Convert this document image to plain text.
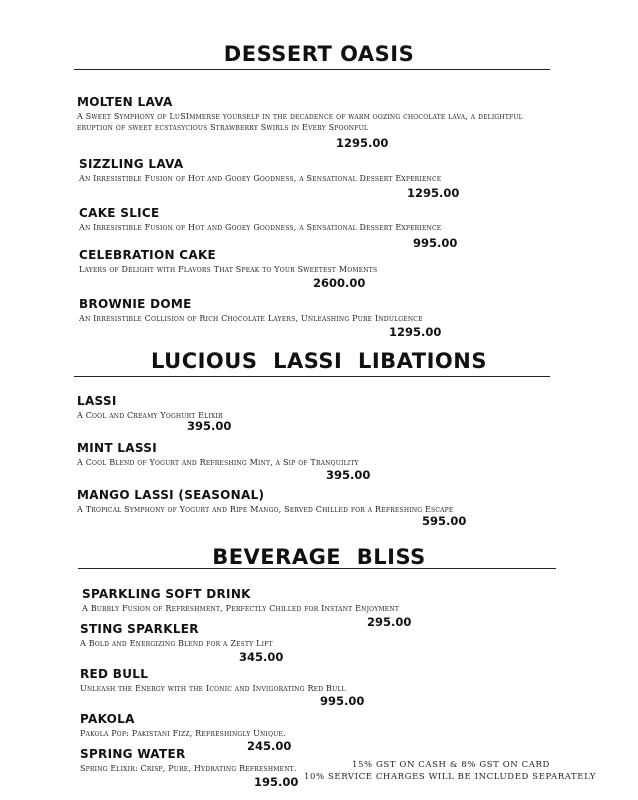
DESSERT OASIS
MOLTEN LAVA
A Sweet Symphony of LuSImmerse yourself in the decadence of warm oozing chocolate lava, a delightful eruption of sweet ecstasycious Strawberry Swirls in Every Spoonful
1295.00
SIZZLING LAVA
An Irresistible Fusion of Hot and Gooey Goodness, a Sensational Dessert Experience
1295.00
CAKE SLICE
An Irresistible Fusion of Hot and Gooey Goodness, a Sensational Dessert Experience
995.00
CELEBRATION CAKE
Layers of Delight with Flavors That Speak to Your Sweetest Moments
2600.00
BROWNIE DOME
An Irresistible Collision of Rich Chocolate Layers, Unleashing Pure Indulgence
1295.00
LUCIOUS  LASSI  LIBATIONS
LASSI
A Cool and Creamy Yoghurt Elixir
395.00
MINT LASSI
A Cool Blend of Yogurt and Refreshing Mint, a Sip of Tranquility
395.00
MANGO LASSI (SEASONAL)
A Tropical Symphony of Yogurt and Ripe Mango, Served Chilled for a Refreshing Escape
595.00
BEVERAGE  BLISS
SPARKLING SOFT DRINK
A Bubbly Fusion of Refreshment, Perfectly Chilled for Instant Enjoyment
295.00
STING SPARKLER
A Bold and Energizing Blend for a Zesty Lift
345.00
RED BULL
Unleash the Energy with the Iconic and Invigorating Red Bull
995.00
PAKOLA
Pakola Pop: Pakistani Fizz, Refreshingly Unique.
245.00
SPRING WATER
Spring Elixir: Crisp, Pure, Hydrating Refreshment.
195.00
15% GST ON CASH & 8% GST ON CARD
10% SERVICE CHARGES WILL BE INCLUDED SEPARATELY
